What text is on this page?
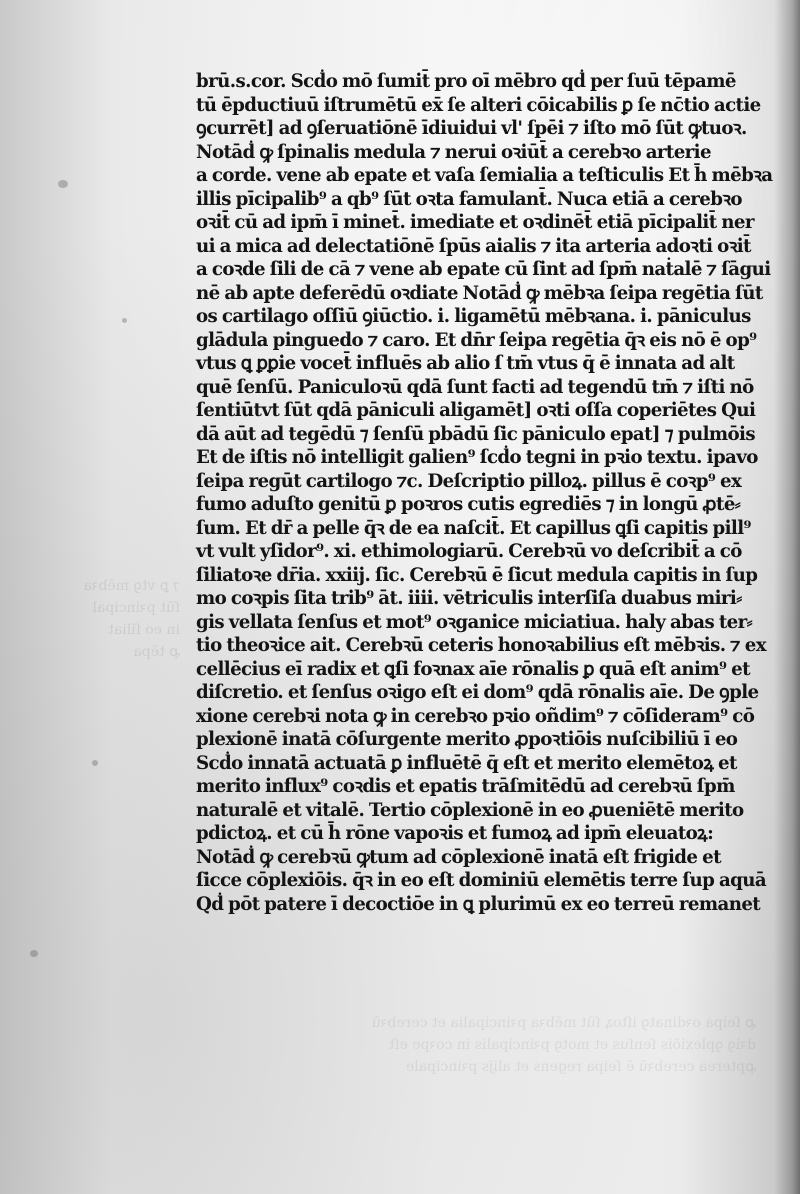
⁊ ꝑ vtꝯ mēbꝛa
ſūt pꝛincipal
in eo ſiliat
ꝓ tēpa
ꝓ ſeipa oꝛdinatꝯ iſtoꝝ ſūt mēbꝛa pꝛincipalia et cerebꝛū
dꝛiꝯ ꝯplexiōis ſenſus et motꝯ pꝛincipalis in coꝛpe eſt
ꝓpterea cerebꝛū ē ſeipa regens et alijs pꝛincipale
brū.s.cor. Scḋo mō ſumit̄ pro oī mēbro qḋ per ſuū tēpamē
tū ēpductiuū iſtrumētū ex̄ ſe alteri cōicabilis ꝑ ſe nc̄tio actie
ꝯcurrēt] ad ꝯſeruatiōnē īdiuidui vl' ſpēi ⁊ iſto mō ſūt ꝙtuoꝛ.
Notāḋ ꝙ ſpinalis medula ⁊ nerui oꝛiūt̄ a cerebꝛo arterie
a corde. vene ab epate et vaſa ſemialia a teſticulis Et h̄ mēbꝛa
illis pīcipalib⁹ a qb⁹ ſūt oꝛta famulant̄. Nuca etiā a cerebꝛo
oꝛit̄ cū ad ipm̄ ī minet̄. imediate et oꝛdinēt̄ etiā pīcipalit̄ ner
ui a mica ad delectatiōnē ſpūs aialis ⁊ ita arteria adoꝛti oꝛit̄
a coꝛde ſili de cā ⁊ vene ab epate cū ſint ad ſpm̄ naṫalē ⁊ ſāgui
nē ab apte deferēdū oꝛdiate Notāḋ ꝙ mēbꝛa ſeipa regētia ſūt
os cartilago oſſiū ꝯiūctio. i. ligamētū mēbꝛana. i. pāniculus
glādula pinguedo ⁊ caro. Et dn̄r ſeipa regētia q̄ꝛ eis nō ē op⁹
vtus ꝗ ꝑꝑie vocet̄ influēs ab alio ſ tm̄ vtus q̄ ē innata ad alt
quē ſenſū. Paniculoꝛū qdā ſunt facti ad tegendū tm̄ ⁊ iſti nō
ſentiūtvt ſūt qdā pāniculi aligamēt] oꝛti oſſa coperiētes Qui
dā aūt ad tegēdū ⁊ ſenſū pbādū ſic pāniculo epat] ⁊ pulmōis
Et de iſtis nō intelligit galien⁹ ſcḋo tegni in pꝛio textu. ipavo
ſeipa regūt cartilogo ⁊c. Deſcriptio pilloꝝ. pillus ē coꝛp⁹ ex
fumo aduſto genitū ꝑ poꝛros cutis egrediēs ⁊ in longū ꝓtē⸗
ſum. Et dr̄ a pelle q̄ꝛ de ea naſcit̄. Et capillus ꝗſi capitis pill⁹
vt vult yſidor⁹. xi. ethimologiarū. Cerebꝛū vo deſcribit̄ a cō
ſiliatoꝛe dr̄ia. xxiij. ſic. Cerebꝛū ē ſicut medula capitis in ſup
mo coꝛpis ſita trib⁹ āt. iiii. vētriculis interſiſa duabus miri⸗
gis vellata ſenſus et mot⁹ oꝛganice miciatiua. haly abas ter⸗
tio theoꝛice ait. Cerebꝛū ceteris honoꝛabilius eſt mēbꝛis. ⁊ ex
cellēcius eī radix et ꝗſi foꝛnax aīe rōnalis ꝑ quā eſt anim⁹ et
diſcretio. et ſenſus oꝛigo eſt ei dom⁹ qdā rōnalis aīe. De ꝯple
xione cerebꝛi nota ꝙ in cerebꝛo pꝛio oñdim⁹ ⁊ cōſideram⁹ cō
plexionē inatā cōſurgente merito ꝓpoꝛtiōis nuſcibiliū ī eo
Scḋo innatā actuatā ꝑ influētē q̄ eſt et merito elemētoꝝ et
merito influx⁹ coꝛdis et epatis trāſmitēdū ad cerebꝛū ſpm̄
naturalē et vitalē. Tertio cōplexionē in eo ꝓueniētē merito
pdictoꝝ. et cū h̄ rōne vapoꝛis et fumoꝝ ad ipm̄ eleuatoꝝ:
Notāḋ ꝙ cerebꝛū ꝙtum ad cōplexionē inatā eſt frigide et
ſicce cōplexiōis. q̄ꝛ in eo eſt dominiū elemētis terre ſup aquā
Qḋ pōt patere ī decoctiōe in ꝗ plurimū ex eo terreū remanet
